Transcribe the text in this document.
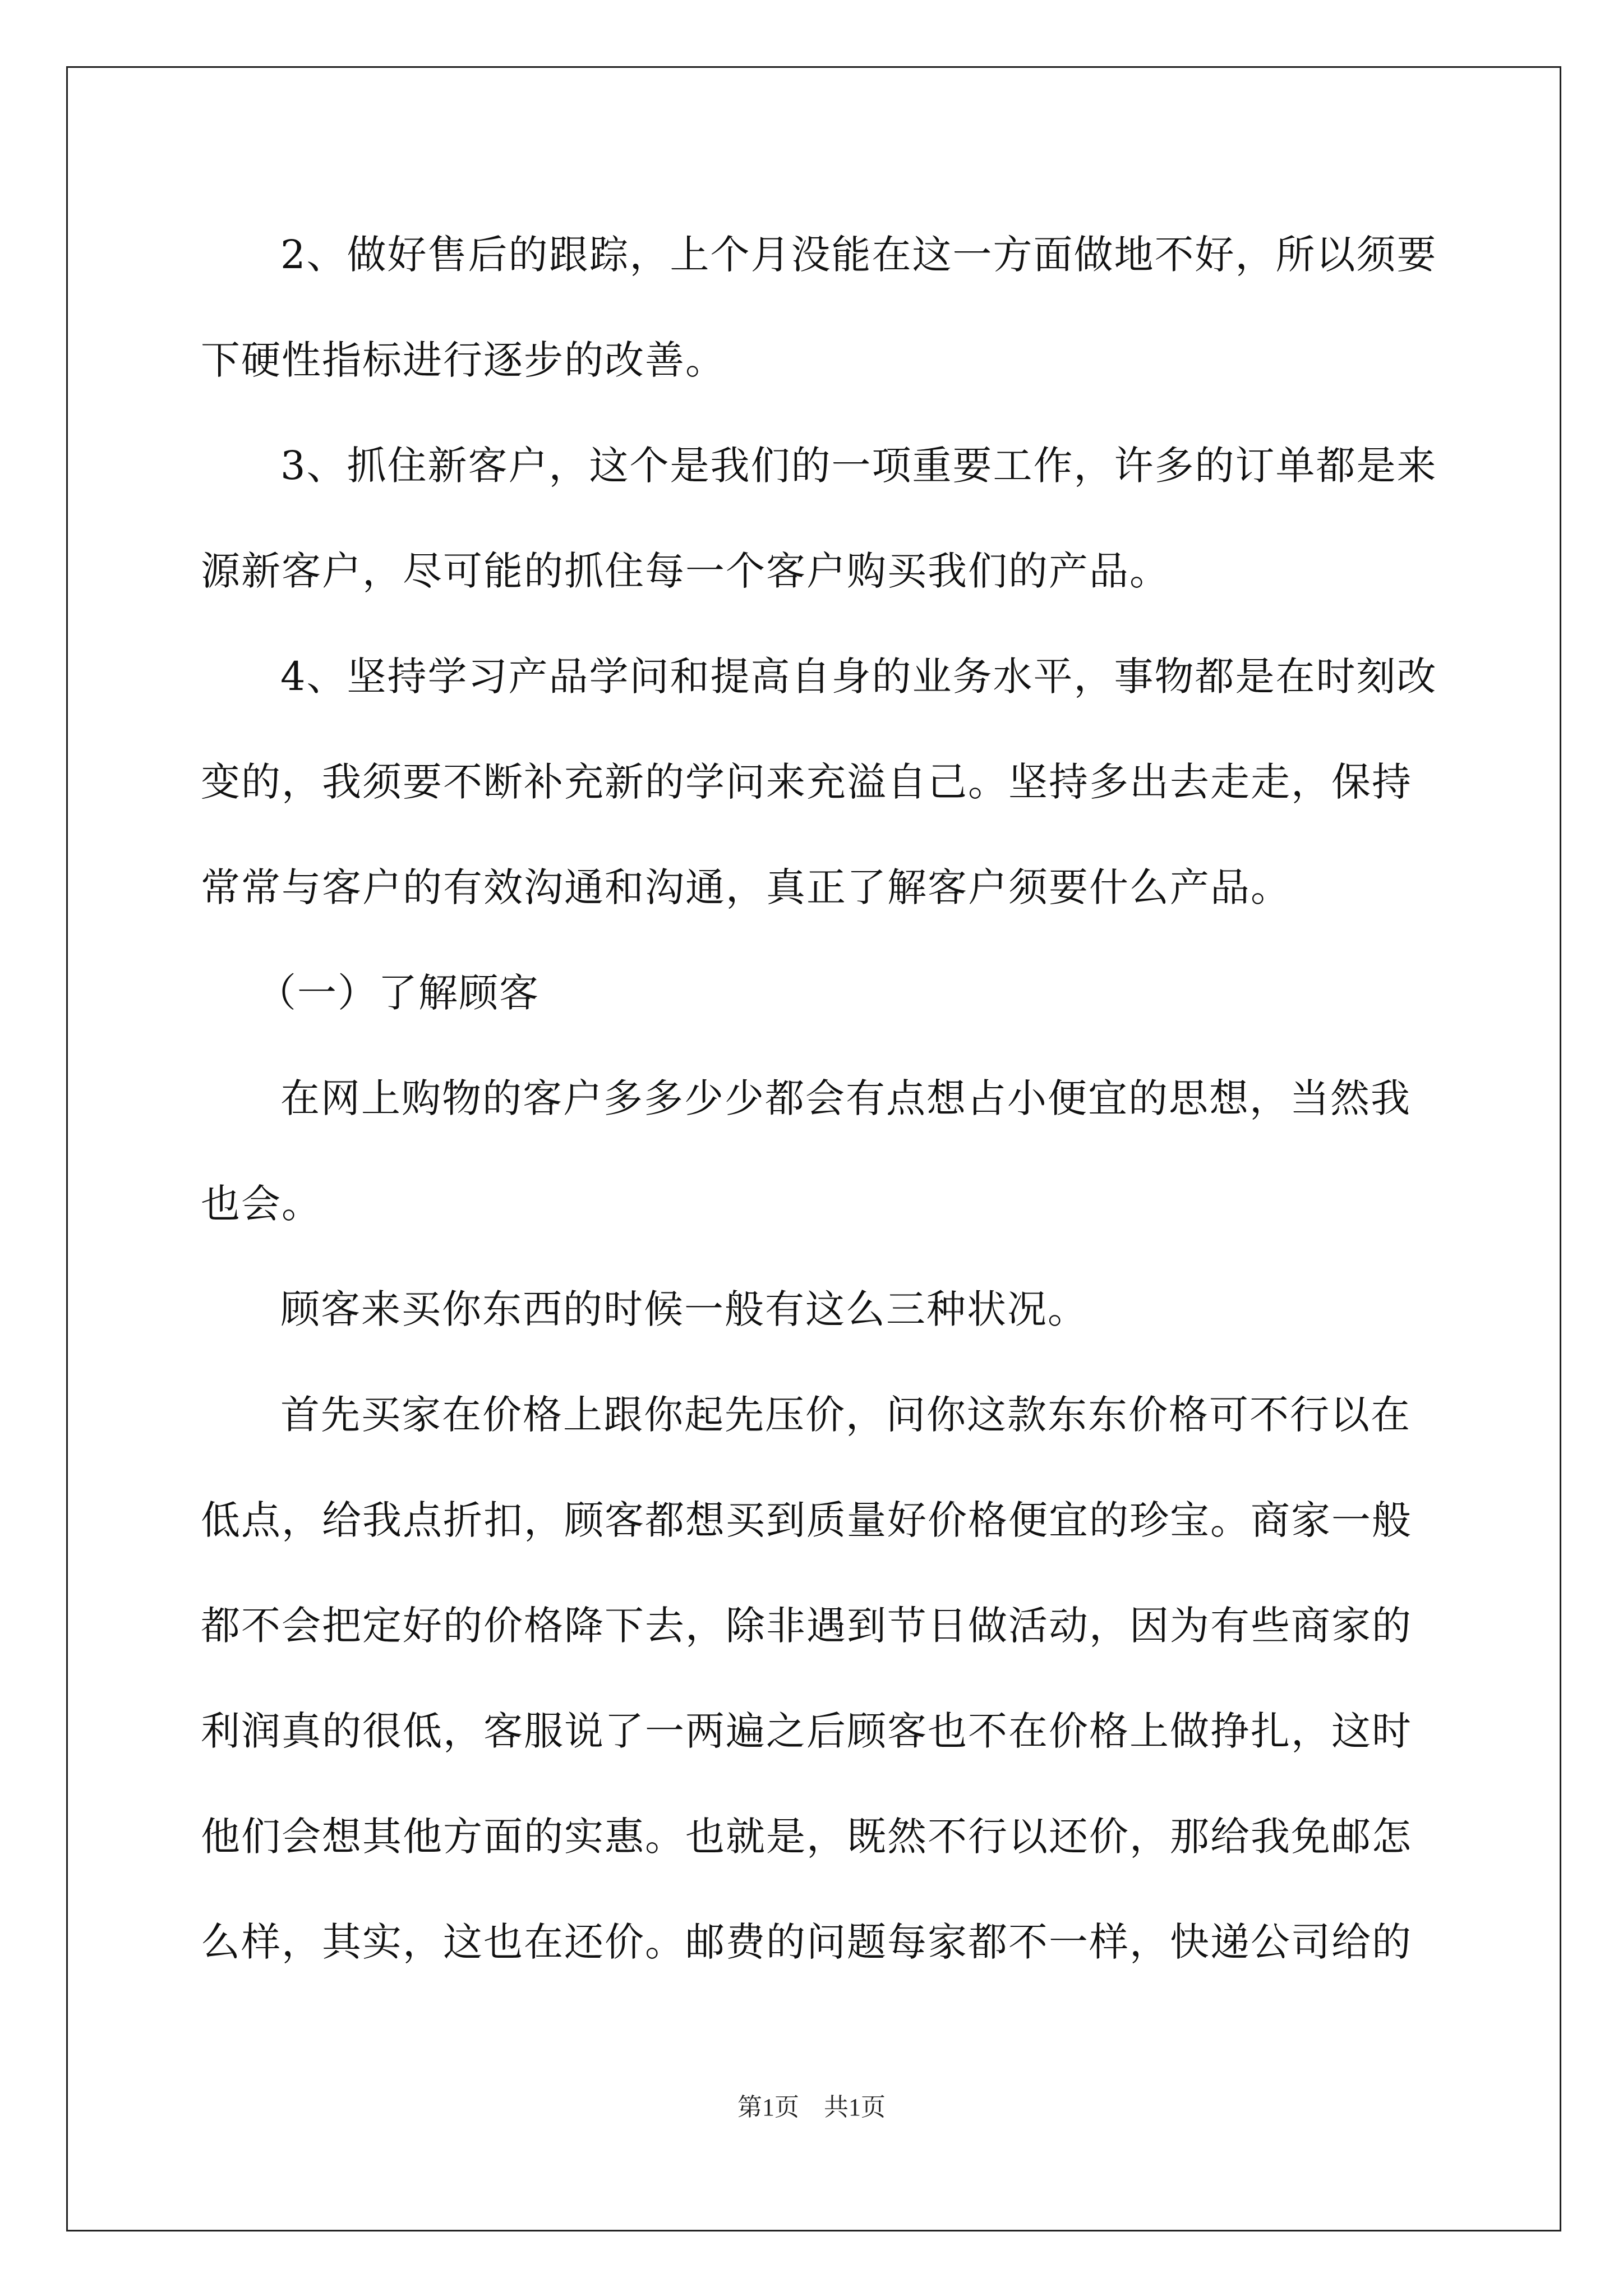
2、做好售后的跟踪，上个月没能在这一方面做地不好，所以须要
下硬性指标进行逐步的改善。
3、抓住新客户，这个是我们的一项重要工作，许多的订单都是来
源新客户，尽可能的抓住每一个客户购买我们的产品。
4、坚持学习产品学问和提高自身的业务水平，事物都是在时刻改
变的，我须要不断补充新的学问来充溢自己。坚持多出去走走，保持
常常与客户的有效沟通和沟通，真正了解客户须要什么产品。
（一）了解顾客
在网上购物的客户多多少少都会有点想占小便宜的思想，当然我
也会。
顾客来买你东西的时候一般有这么三种状况。
首先买家在价格上跟你起先压价，问你这款东东价格可不行以在
低点，给我点折扣，顾客都想买到质量好价格便宜的珍宝。商家一般
都不会把定好的价格降下去，除非遇到节日做活动，因为有些商家的
利润真的很低，客服说了一两遍之后顾客也不在价格上做挣扎，这时
他们会想其他方面的实惠。也就是，既然不行以还价，那给我免邮怎
么样，其实，这也在还价。邮费的问题每家都不一样，快递公司给的
第1页　共1页
